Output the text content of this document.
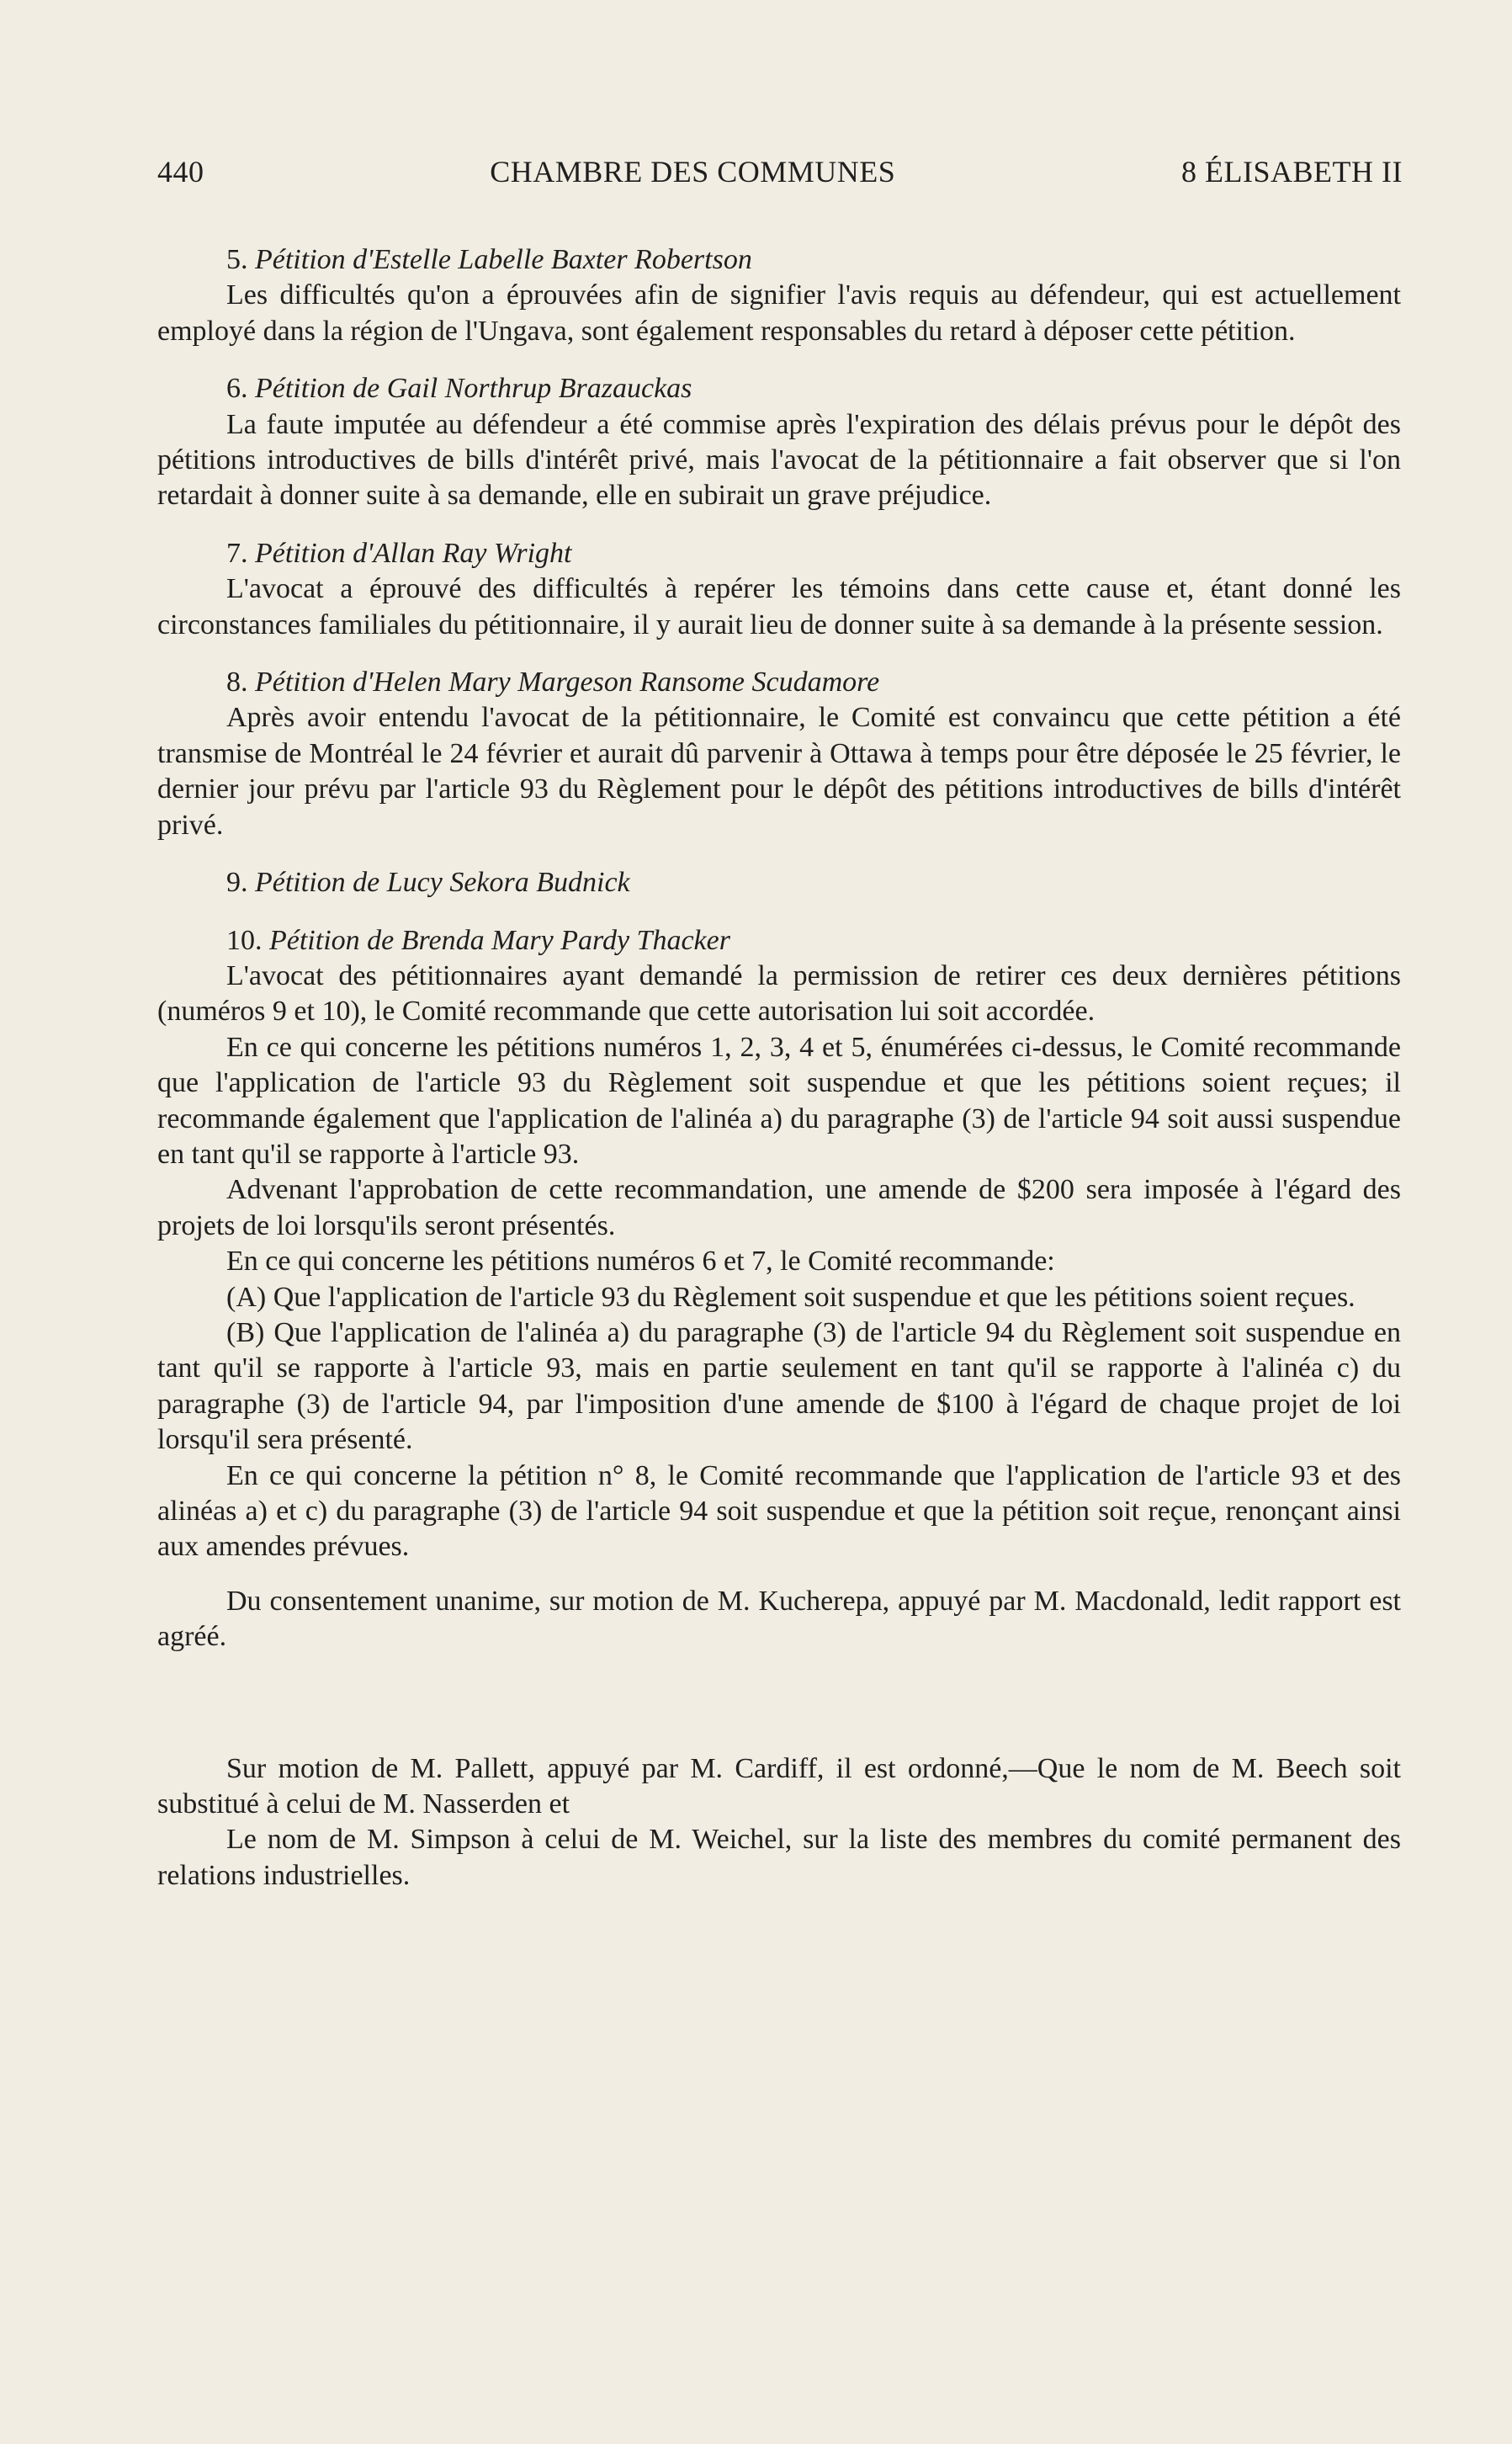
440	CHAMBRE DES COMMUNES	8 ÉLISABETH II

5. Pétition d'Estelle Labelle Baxter Robertson

Les difficultés qu'on a éprouvées afin de signifier l'avis requis au défendeur, qui est actuellement employé dans la région de l'Ungava, sont également responsables du retard à déposer cette pétition.

6. Pétition de Gail Northrup Brazauckas

La faute imputée au défendeur a été commise après l'expiration des délais prévus pour le dépôt des pétitions introductives de bills d'intérêt privé, mais l'avocat de la pétitionnaire a fait observer que si l'on retardait à donner suite à sa demande, elle en subirait un grave préjudice.

7. Pétition d'Allan Ray Wright

L'avocat a éprouvé des difficultés à repérer les témoins dans cette cause et, étant donné les circonstances familiales du pétitionnaire, il y aurait lieu de donner suite à sa demande à la présente session.

8. Pétition d'Helen Mary Margeson Ransome Scudamore

Après avoir entendu l'avocat de la pétitionnaire, le Comité est convaincu que cette pétition a été transmise de Montréal le 24 février et aurait dû parvenir à Ottawa à temps pour être déposée le 25 février, le dernier jour prévu par l'article 93 du Règlement pour le dépôt des pétitions introductives de bills d'intérêt privé.

9. Pétition de Lucy Sekora Budnick

10. Pétition de Brenda Mary Pardy Thacker

L'avocat des pétitionnaires ayant demandé la permission de retirer ces deux dernières pétitions (numéros 9 et 10), le Comité recommande que cette autorisation lui soit accordée.

En ce qui concerne les pétitions numéros 1, 2, 3, 4 et 5, énumérées ci-dessus, le Comité recommande que l'application de l'article 93 du Règlement soit suspendue et que les pétitions soient reçues; il recommande également que l'application de l'alinéa a) du paragraphe (3) de l'article 94 soit aussi suspendue en tant qu'il se rapporte à l'article 93.

Advenant l'approbation de cette recommandation, une amende de $200 sera imposée à l'égard des projets de loi lorsqu'ils seront présentés.

En ce qui concerne les pétitions numéros 6 et 7, le Comité recommande:

(A) Que l'application de l'article 93 du Règlement soit suspendue et que les pétitions soient reçues.

(B) Que l'application de l'alinéa a) du paragraphe (3) de l'article 94 du Règlement soit suspendue en tant qu'il se rapporte à l'article 93, mais en partie seulement en tant qu'il se rapporte à l'alinéa c) du paragraphe (3) de l'article 94, par l'imposition d'une amende de $100 à l'égard de chaque projet de loi lorsqu'il sera présenté.

En ce qui concerne la pétition n° 8, le Comité recommande que l'application de l'article 93 et des alinéas a) et c) du paragraphe (3) de l'article 94 soit suspendue et que la pétition soit reçue, renonçant ainsi aux amendes prévues.

Du consentement unanime, sur motion de M. Kucherepa, appuyé par M. Macdonald, ledit rapport est agréé.

Sur motion de M. Pallett, appuyé par M. Cardiff, il est ordonné,—Que le nom de M. Beech soit substitué à celui de M. Nasserden et

Le nom de M. Simpson à celui de M. Weichel, sur la liste des membres du comité permanent des relations industrielles.
